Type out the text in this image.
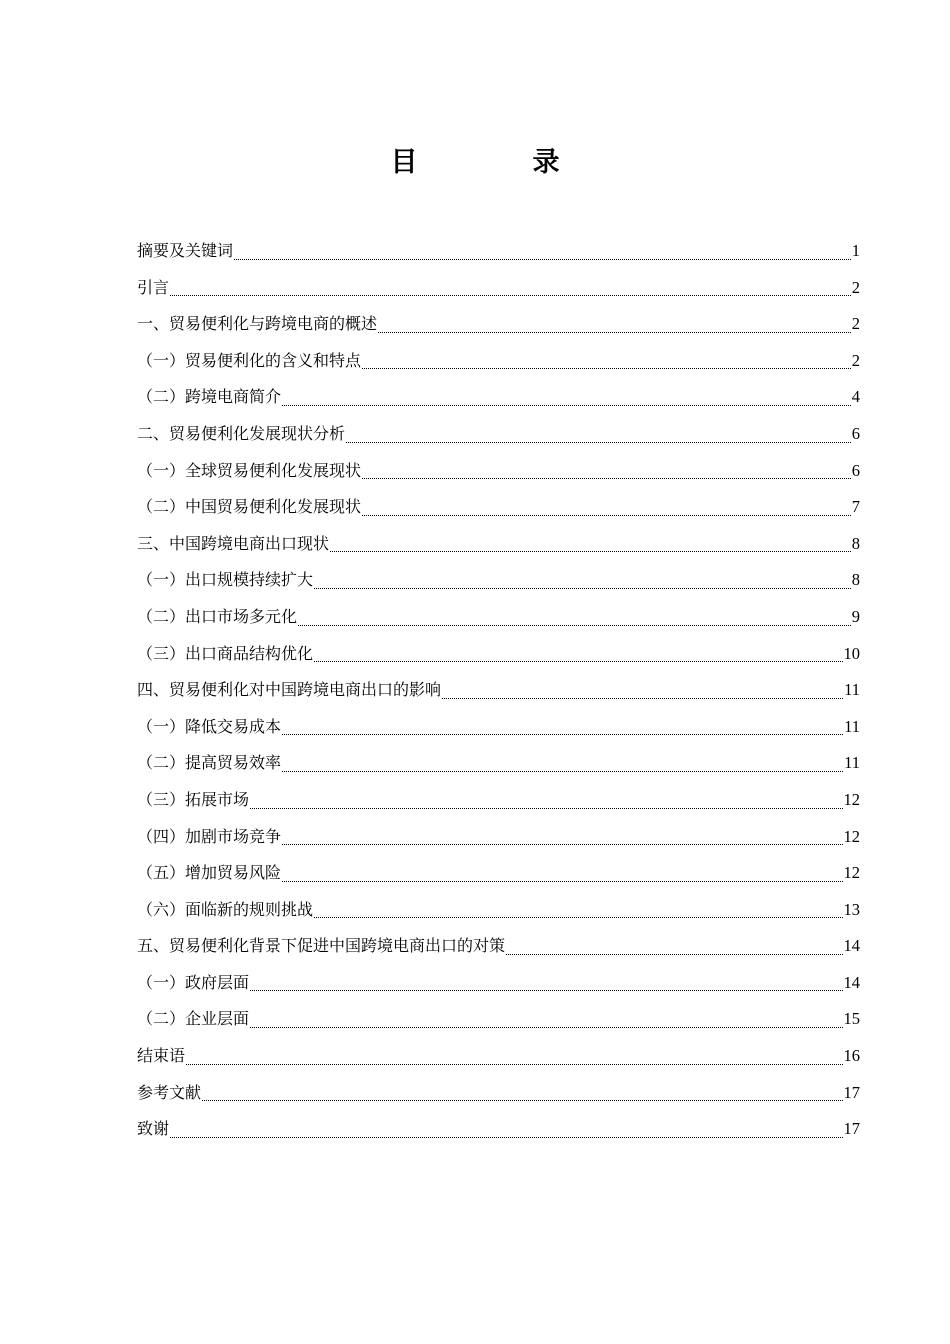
目　录
摘要及关键词	1
引言	2
一、贸易便利化与跨境电商的概述	2
（一）贸易便利化的含义和特点	2
（二）跨境电商简介	4
二、贸易便利化发展现状分析	6
（一）全球贸易便利化发展现状	6
（二）中国贸易便利化发展现状	7
三、中国跨境电商出口现状	8
（一）出口规模持续扩大	8
（二）出口市场多元化	9
（三）出口商品结构优化	10
四、贸易便利化对中国跨境电商出口的影响	11
（一）降低交易成本	11
（二）提高贸易效率	11
（三）拓展市场	12
（四）加剧市场竞争	12
（五）增加贸易风险	12
（六）面临新的规则挑战	13
五、贸易便利化背景下促进中国跨境电商出口的对策	14
（一）政府层面	14
（二）企业层面	15
结束语	16
参考文献	17
致谢	17
